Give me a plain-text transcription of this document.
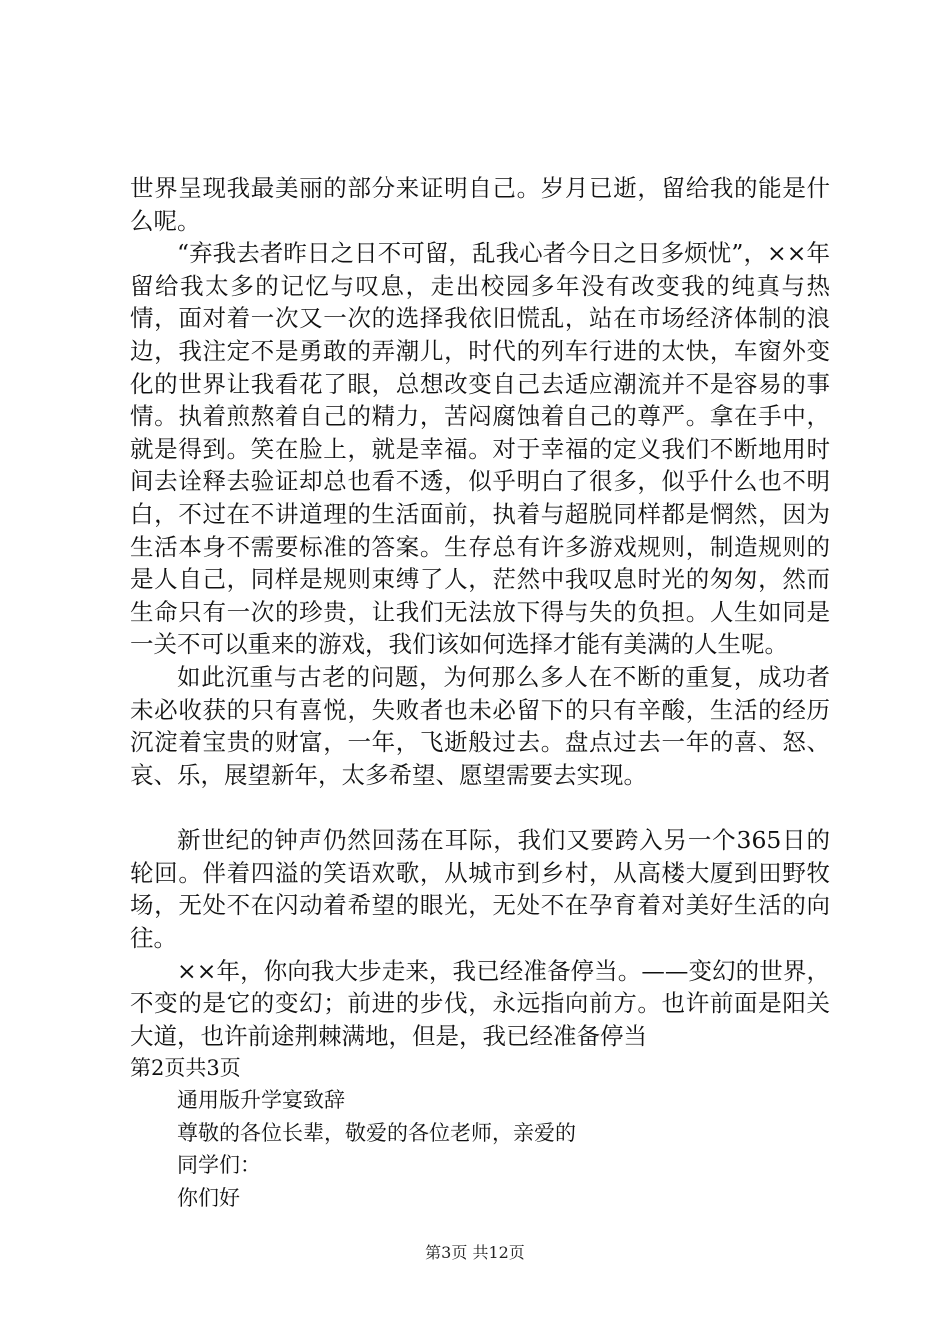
世界呈现我最美丽的部分来证明自己。岁月已逝，留给我的能是什么呢。

“弃我去者昨日之日不可留，乱我心者今日之日多烦忧”，××年留给我太多的记忆与叹息，走出校园多年没有改变我的纯真与热情，面对着一次又一次的选择我依旧慌乱，站在市场经济体制的浪边，我注定不是勇敢的弄潮儿，时代的列车行进的太快，车窗外变化的世界让我看花了眼，总想改变自己去适应潮流并不是容易的事情。执着煎熬着自己的精力，苦闷腐蚀着自己的尊严。拿在手中，就是得到。笑在脸上，就是幸福。对于幸福的定义我们不断地用时间去诠释去验证却总也看不透，似乎明白了很多，似乎什么也不明白，不过在不讲道理的生活面前，执着与超脱同样都是惘然，因为生活本身不需要标准的答案。生存总有许多游戏规则，制造规则的是人自己，同样是规则束缚了人，茫然中我叹息时光的匆匆，然而生命只有一次的珍贵，让我们无法放下得与失的负担。人生如同是一关不可以重来的游戏，我们该如何选择才能有美满的人生呢。

如此沉重与古老的问题，为何那么多人在不断的重复，成功者未必收获的只有喜悦，失败者也未必留下的只有辛酸，生活的经历沉淀着宝贵的财富，一年，飞逝般过去。盘点过去一年的喜、怒、哀、乐，展望新年，太多希望、愿望需要去实现。

新世纪的钟声仍然回荡在耳际，我们又要跨入另一个365日的轮回。伴着四溢的笑语欢歌，从城市到乡村，从高楼大厦到田野牧场，无处不在闪动着希望的眼光，无处不在孕育着对美好生活的向往。

××年，你向我大步走来，我已经准备停当。——变幻的世界，不变的是它的变幻；前进的步伐，永远指向前方。也许前面是阳关大道，也许前途荆棘满地，但是，我已经准备停当

第2页共3页

通用版升学宴致辞

尊敬的各位长辈，敬爱的各位老师，亲爱的

同学们：

你们好

第3页 共12页
